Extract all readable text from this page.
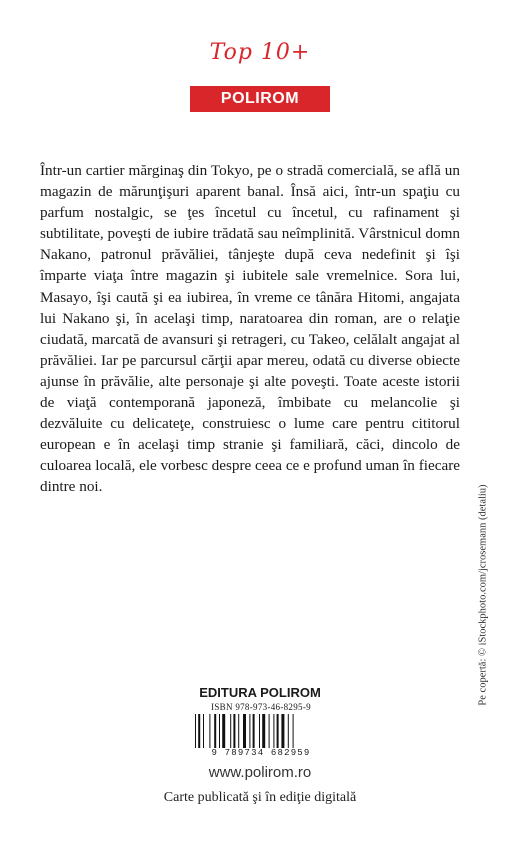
Top 10+
POLIROM

Într-un cartier mărginaş din Tokyo, pe o stradă comercială, se află un magazin de mărunţişuri aparent banal. Însă aici, într-un spaţiu cu parfum nostalgic, se ţes încetul cu încetul, cu rafinament şi subtilitate, poveşti de iubire trădată sau neîmplinită. Vârstnicul domn Nakano, patronul prăvăliei, tânjeşte după ceva nedefinit şi îşi împarte viaţa între magazin şi iubitele sale vremelnice. Sora lui, Masayo, îşi caută şi ea iubirea, în vreme ce tânăra Hitomi, angajata lui Nakano şi, în acelaşi timp, naratoarea din roman, are o relaţie ciudată, marcată de avansuri şi retrageri, cu Takeo, celălalt angajat al prăvăliei. Iar pe parcursul cărţii apar mereu, odată cu diverse obiecte ajunse în prăvălie, alte personaje şi alte poveşti. Toate aceste istorii de viaţă contemporană japoneză, îmbibate cu melancolie şi dezvăluite cu delicateţe, construiesc o lume care pentru cititorul european e în acelaşi timp stranie şi familiară, căci, dincolo de culoarea locală, ele vorbesc despre ceea ce e profund uman în fiecare dintre noi.

EDITURA POLIROM
ISBN 978-973-46-8295-9
9 789734 682959
www.polirom.ro
Carte publicată şi în ediţie digitală
Pe copertă: © iStockphoto.com/jcrosemann (detaliu)
